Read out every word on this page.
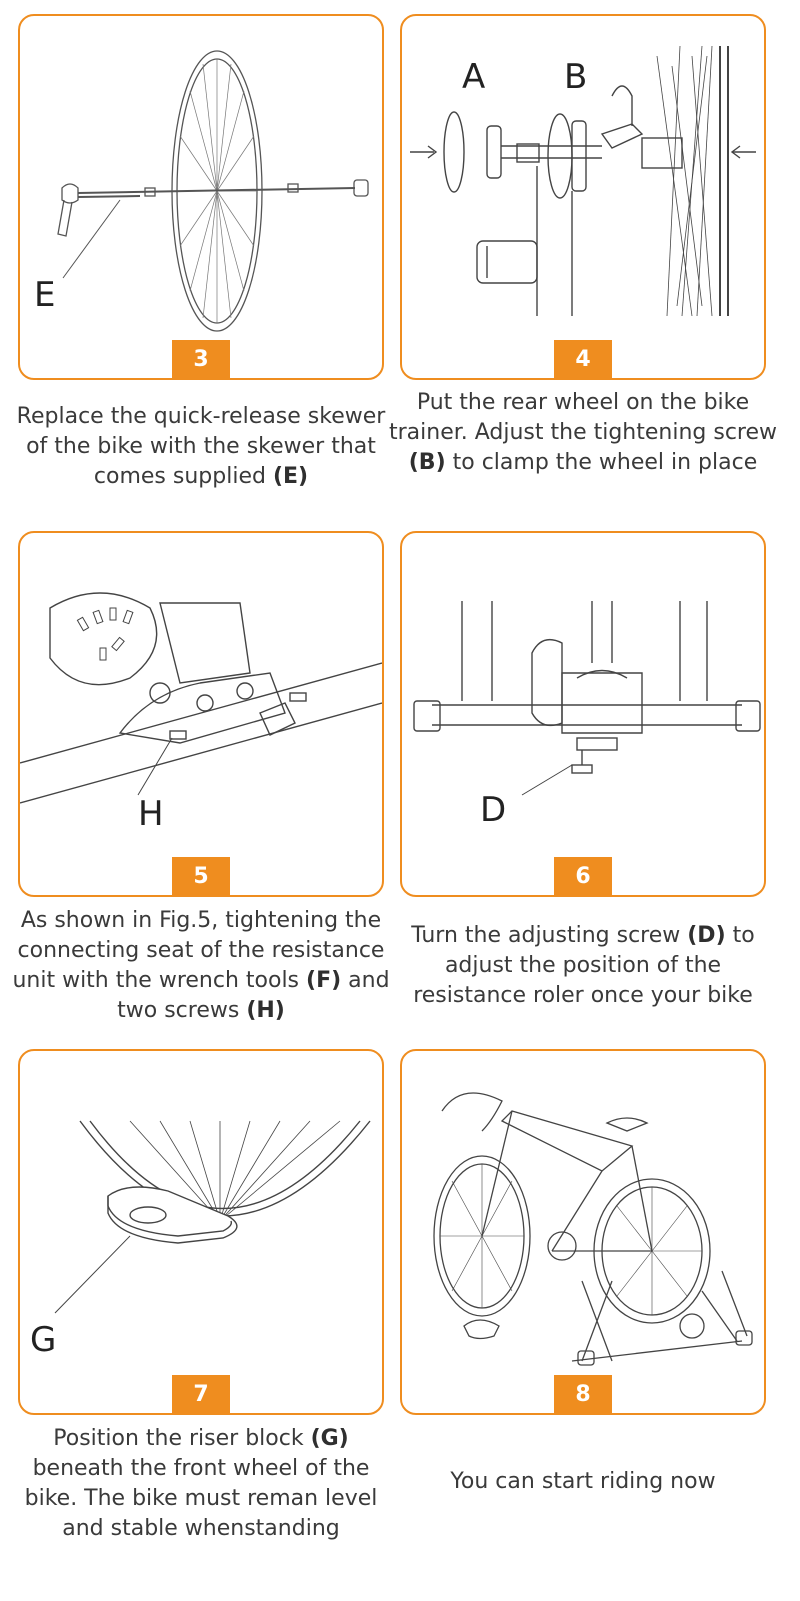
E
3
Replace the quick-release skewer of the bike with the skewer that comes supplied (E)
A B
4
Put the rear wheel on the bike trainer. Adjust the tightening screw (B) to clamp the wheel in place
H
5
As shown in Fig.5, tightening the connecting seat of the resistance unit with the wrench tools (F) and two screws (H)
D
6
Turn the adjusting screw (D) to adjust the position of the resistance roler once your bike
G
7
Position the riser block (G) beneath the front wheel of the bike. The bike must reman level and stable whenstanding
8
You can start riding now
